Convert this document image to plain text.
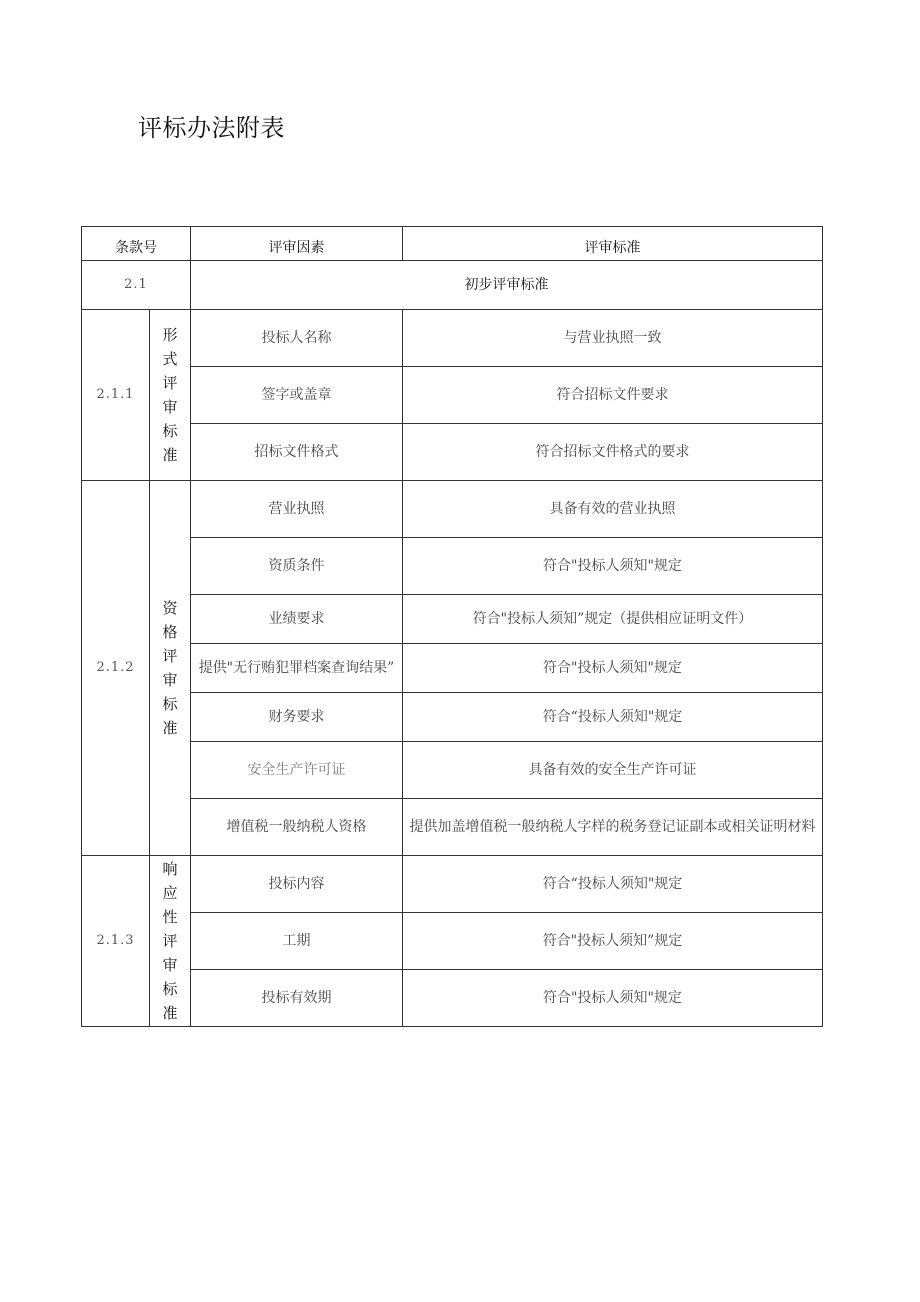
评标办法附表
条款号		评审因素	评审标准
2.1		初步评审标准	
2.1.1	形式评审标准	投标人名称	与营业执照一致
		签字或盖章	符合招标文件要求
		招标文件格式	符合招标文件格式的要求
2.1.2	资格评审标准	营业执照	具备有效的营业执照
		资质条件	符合"投标人须知"规定
		业绩要求	符合"投标人须知”规定（提供相应证明文件）
		提供"无行贿犯罪档案查询结果”	符合"投标人须知"规定
		财务要求	符合“投标人须知"规定
		安全生产许可证	具备有效的安全生产许可证
		增值税一般纳税人资格	提供加盖增值税一般纳税人字样的税务登记证副本或相关证明材料
2.1.3	响应性评审标准	投标内容	符合“投标人须知"规定
		工期	符合"投标人须知”规定
		投标有效期	符合"投标人须知"规定
